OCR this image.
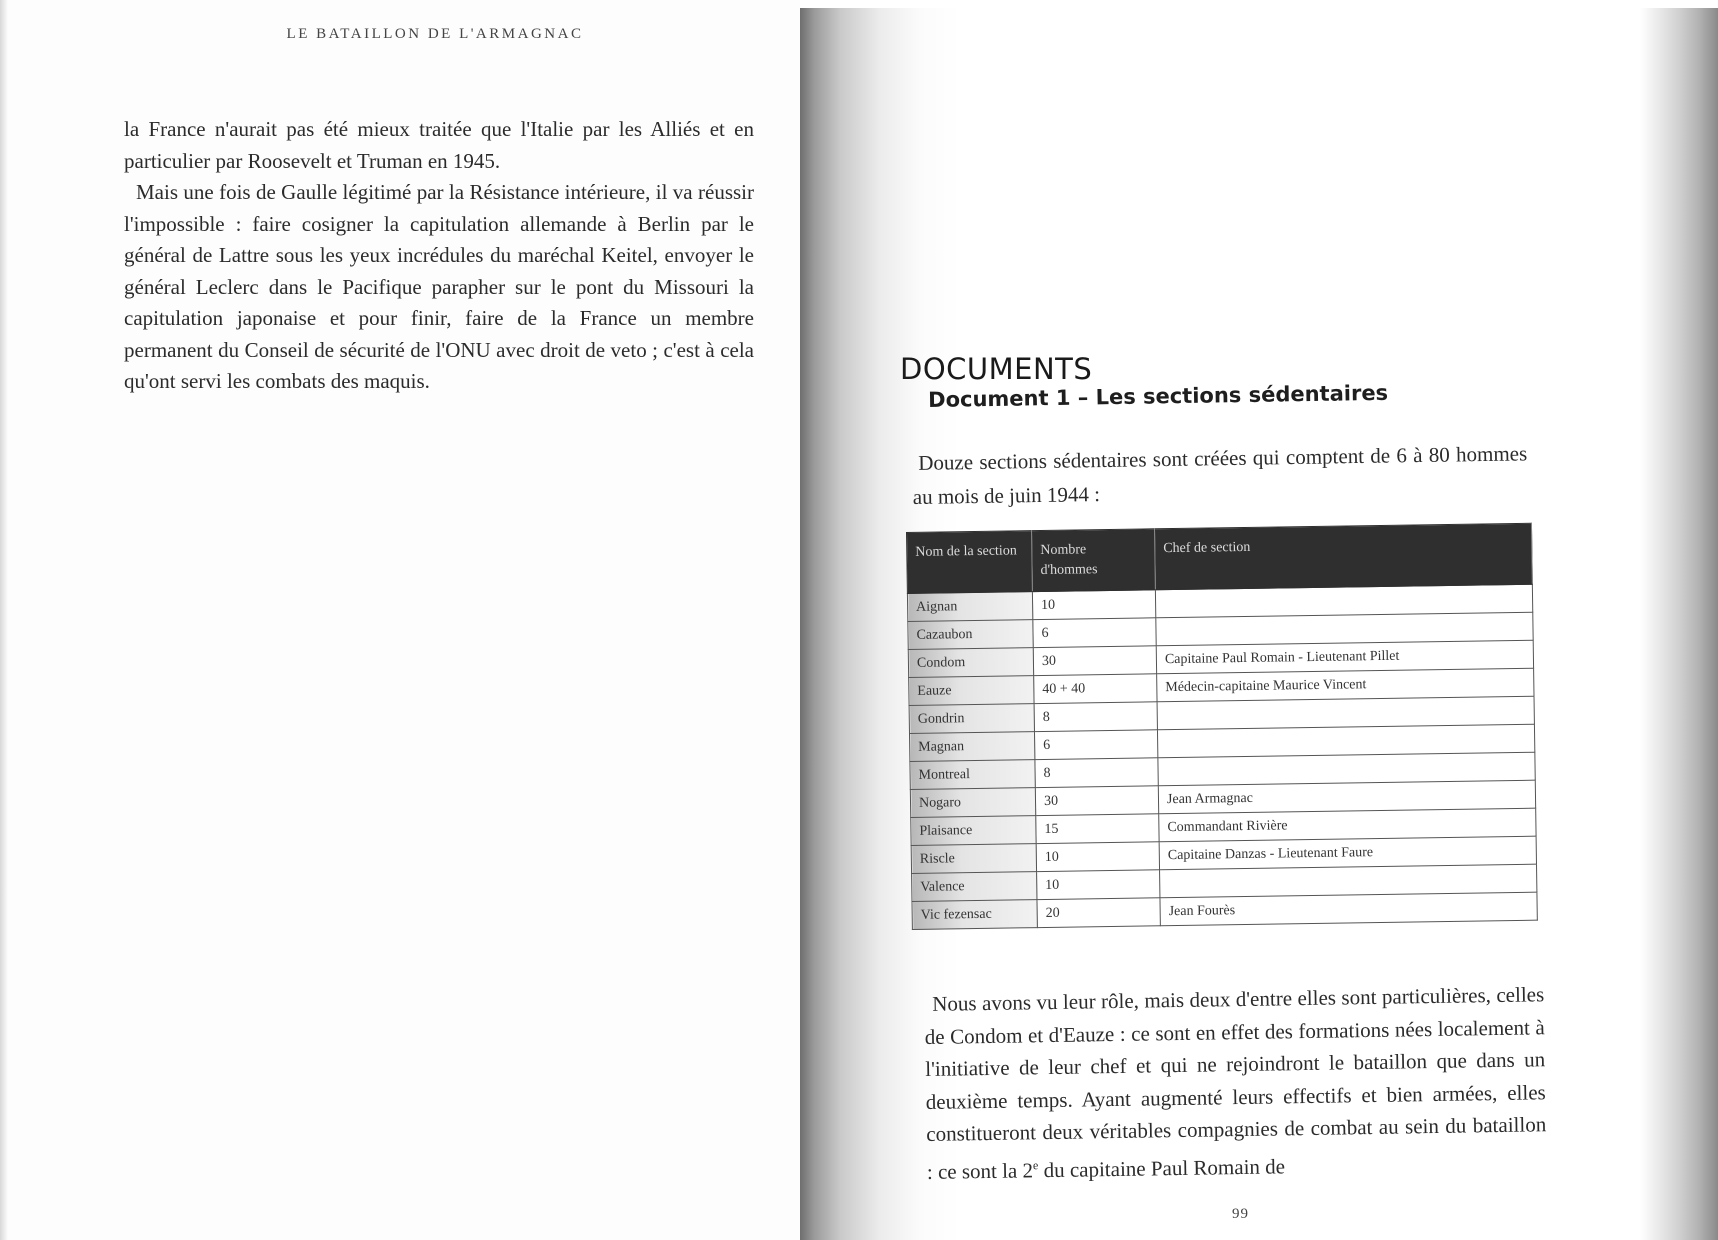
LE BATAILLON DE L'ARMAGNAC

la France n'aurait pas été mieux traitée que l'Italie par les Alliés et en particulier par Roosevelt et Truman en 1945.

Mais une fois de Gaulle légitimé par la Résistance intérieure, il va réussir l'impossible : faire cosigner la capitulation allemande à Berlin par le général de Lattre sous les yeux incrédules du maréchal Keitel, envoyer le général Leclerc dans le Pacifique parapher sur le pont du Missouri la capitulation japonaise et pour finir, faire de la France un membre permanent du Conseil de sécurité de l'ONU avec droit de veto ; c'est à cela qu'ont servi les combats des maquis.	DOCUMENTS
Document 1 – Les sections sédentaires

Douze sections sédentaires sont créées qui comptent de 6 à 80 hommes au mois de juin 1944 :

Nom de la section	Nombre d'hommes	Chef de section
Aignan	10	
Cazaubon	6	
Condom	30	Capitaine Paul Romain - Lieutenant Pillet
Eauze	40 + 40	Médecin-capitaine Maurice Vincent
Gondrin	8	
Magnan	6	
Montreal	8	
Nogaro	30	Jean Armagnac
Plaisance	15	Commandant Rivière
Riscle	10	Capitaine Danzas - Lieutenant Faure
Valence	10	
Vic fezensac	20	Jean Fourès

Nous avons vu leur rôle, mais deux d'entre elles sont particulières, celles de Condom et d'Eauze : ce sont en effet des formations nées localement à l'initiative de leur chef et qui ne rejoindront le bataillon que dans un deuxième temps. Ayant augmenté leurs effectifs et bien armées, elles constitueront deux véritables compagnies de combat au sein du bataillon : ce sont la 2e du capitaine Paul Romain de

99
